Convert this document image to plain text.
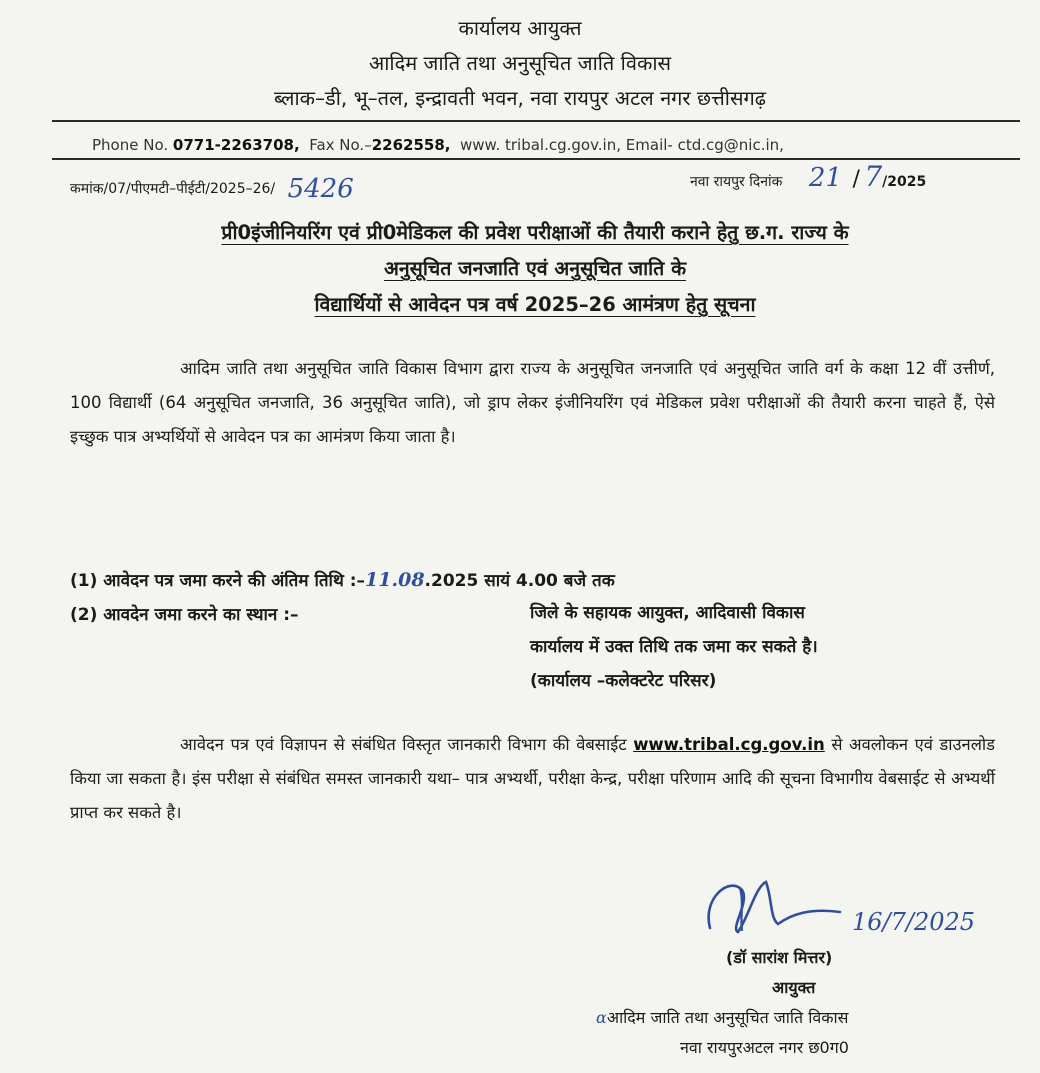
कार्यालय आयुक्त
आदिम जाति तथा अनुसूचित जाति विकास
ब्लाक–डी, भू–तल, इन्द्रावती भवन, नवा रायपुर अटल नगर छत्तीसगढ़
Phone No. 0771-2263708, Fax No.–2262558, www. tribal.cg.gov.in, Email- ctd.cg@nic.in,
कमांक/07/पीएमटी–पीईटी/2025–26/ 5426	नवा रायपुर दिनांक 21 / 7/2025
प्री0इंजीनियरिंग एवं प्री0मेडिकल की प्रवेश परीक्षाओं की तैयारी कराने हेतु छ.ग. राज्य के
अनुसूचित जनजाति एवं अनुसूचित जाति के
विद्यार्थियों से आवेदन पत्र वर्ष 2025–26 आमंत्रण हेतु सूचना

आदिम जाति तथा अनुसूचित जाति विकास विभाग द्वारा राज्य के अनुसूचित जनजाति एवं अनुसूचित जाति वर्ग के कक्षा 12 वीं उत्तीर्ण, 100 विद्यार्थी (64 अनुसूचित जनजाति, 36 अनुसूचित जाति), जो ड्राप लेकर इंजीनियरिंग एवं मेडिकल प्रवेश परीक्षाओं की तैयारी करना चाहते हैं, ऐसे इच्छुक पात्र अभ्यर्थियों से आवेदन पत्र का आमंत्रण किया जाता है।

(1) आवेदन पत्र जमा करने की अंतिम तिथि :–11.08.2025 सायं 4.00 बजे तक
(2) आवदेन जमा करने का स्थान :–	जिले के सहायक आयुक्त, आदिवासी विकास
कार्यालय में उक्त तिथि तक जमा कर सकते है।
(कार्यालय –कलेक्टरेट परिसर)

आवेदन पत्र एवं विज्ञापन से संबंधित विस्तृत जानकारी विभाग की वेबसाईट www.tribal.cg.gov.in से अवलोकन एवं डाउनलोड किया जा सकता है। इंस परीक्षा से संबंधित समस्त जानकारी यथा– पात्र अभ्यर्थी, परीक्षा केन्द्र, परीक्षा परिणाम आदि की सूचना विभागीय वेबसाईट से अभ्यर्थी प्राप्त कर सकते है।

16/7/2025
(डॉ सारांश मित्तर)
आयुक्त
ɑआदिम जाति तथा अनुसूचित जाति विकास
नवा रायपुरअटल नगर छ0ग0
